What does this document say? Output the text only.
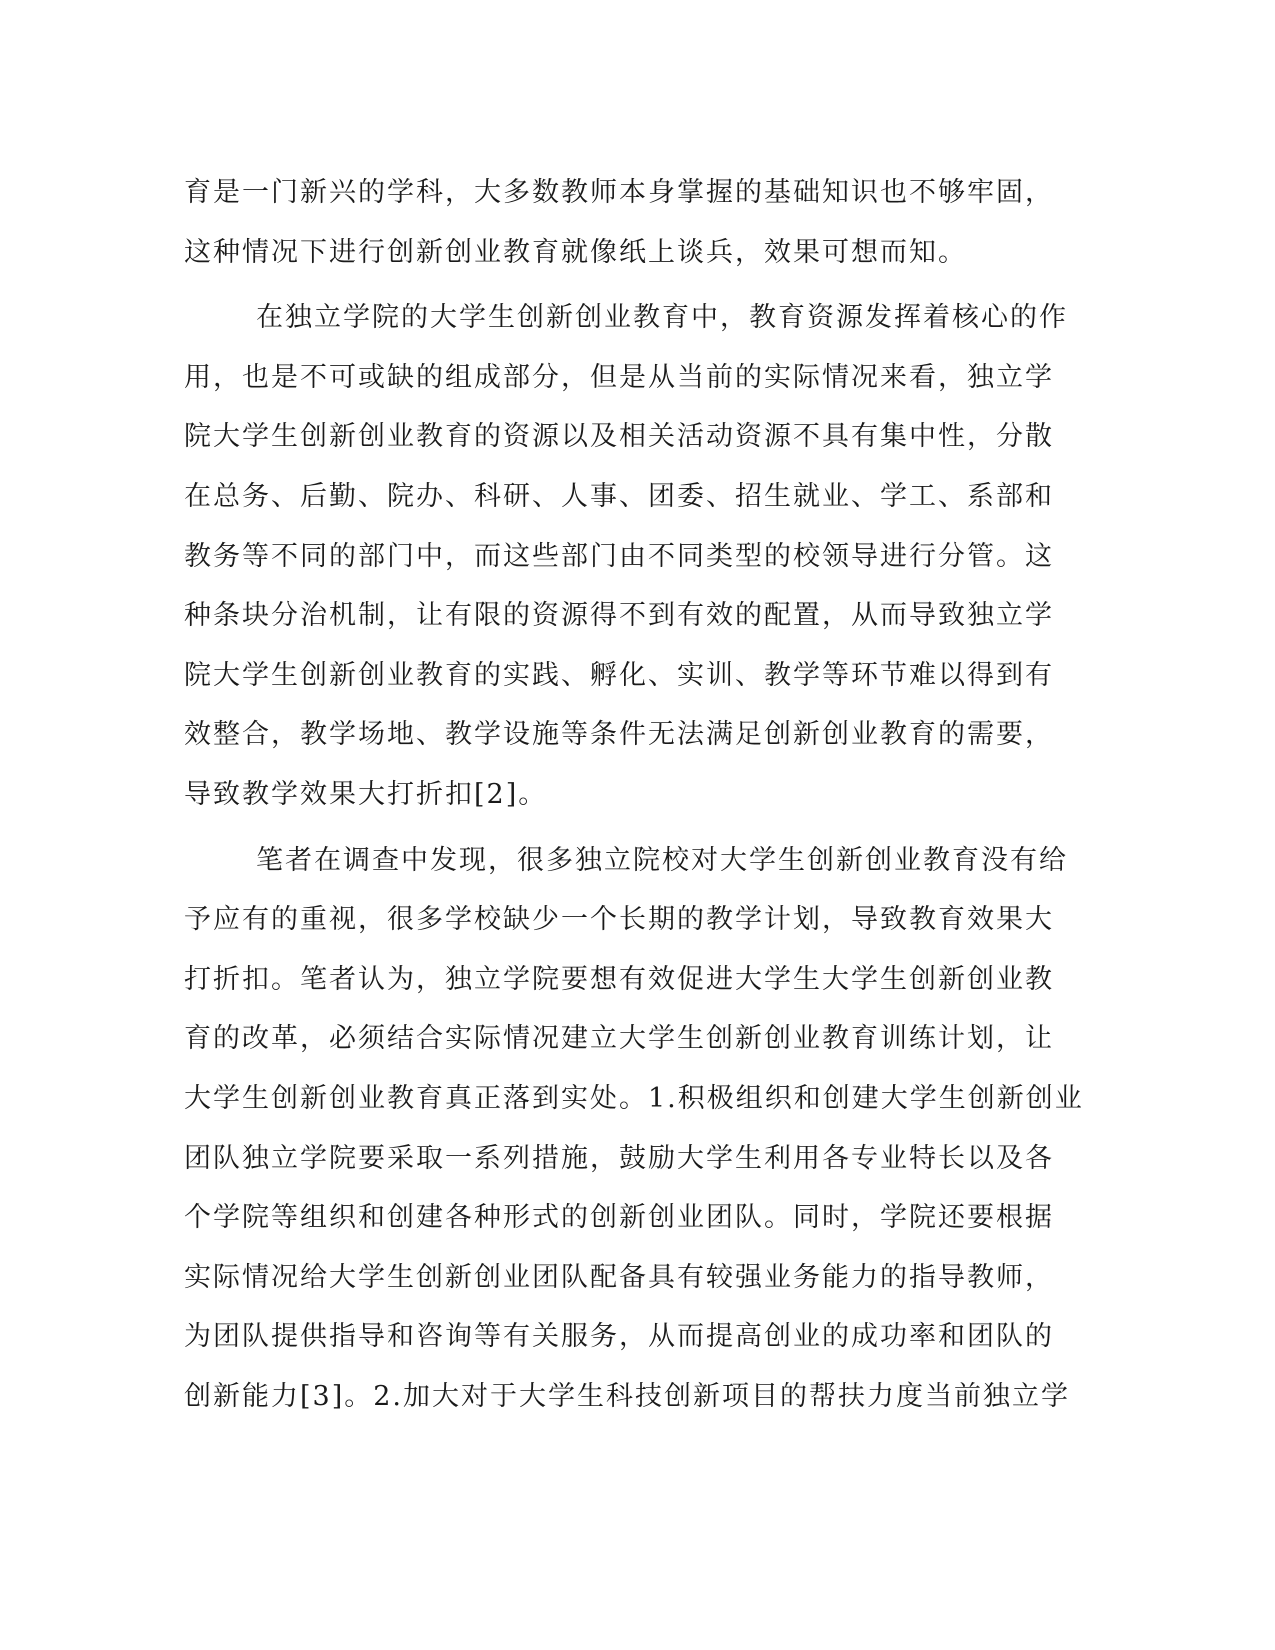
育是一门新兴的学科，大多数教师本身掌握的基础知识也不够牢固，
这种情况下进行创新创业教育就像纸上谈兵，效果可想而知。
在独立学院的大学生创新创业教育中，教育资源发挥着核心的作
用，也是不可或缺的组成部分，但是从当前的实际情况来看，独立学
院大学生创新创业教育的资源以及相关活动资源不具有集中性，分散
在总务、后勤、院办、科研、人事、团委、招生就业、学工、系部和
教务等不同的部门中，而这些部门由不同类型的校领导进行分管。这
种条块分治机制，让有限的资源得不到有效的配置，从而导致独立学
院大学生创新创业教育的实践、孵化、实训、教学等环节难以得到有
效整合，教学场地、教学设施等条件无法满足创新创业教育的需要，
导致教学效果大打折扣[2]。
笔者在调查中发现，很多独立院校对大学生创新创业教育没有给
予应有的重视，很多学校缺少一个长期的教学计划，导致教育效果大
打折扣。笔者认为，独立学院要想有效促进大学生大学生创新创业教
育的改革，必须结合实际情况建立大学生创新创业教育训练计划，让
大学生创新创业教育真正落到实处。1.积极组织和创建大学生创新创业
团队独立学院要采取一系列措施，鼓励大学生利用各专业特长以及各
个学院等组织和创建各种形式的创新创业团队。同时，学院还要根据
实际情况给大学生创新创业团队配备具有较强业务能力的指导教师，
为团队提供指导和咨询等有关服务，从而提高创业的成功率和团队的
创新能力[3]。2.加大对于大学生科技创新项目的帮扶力度当前独立学
